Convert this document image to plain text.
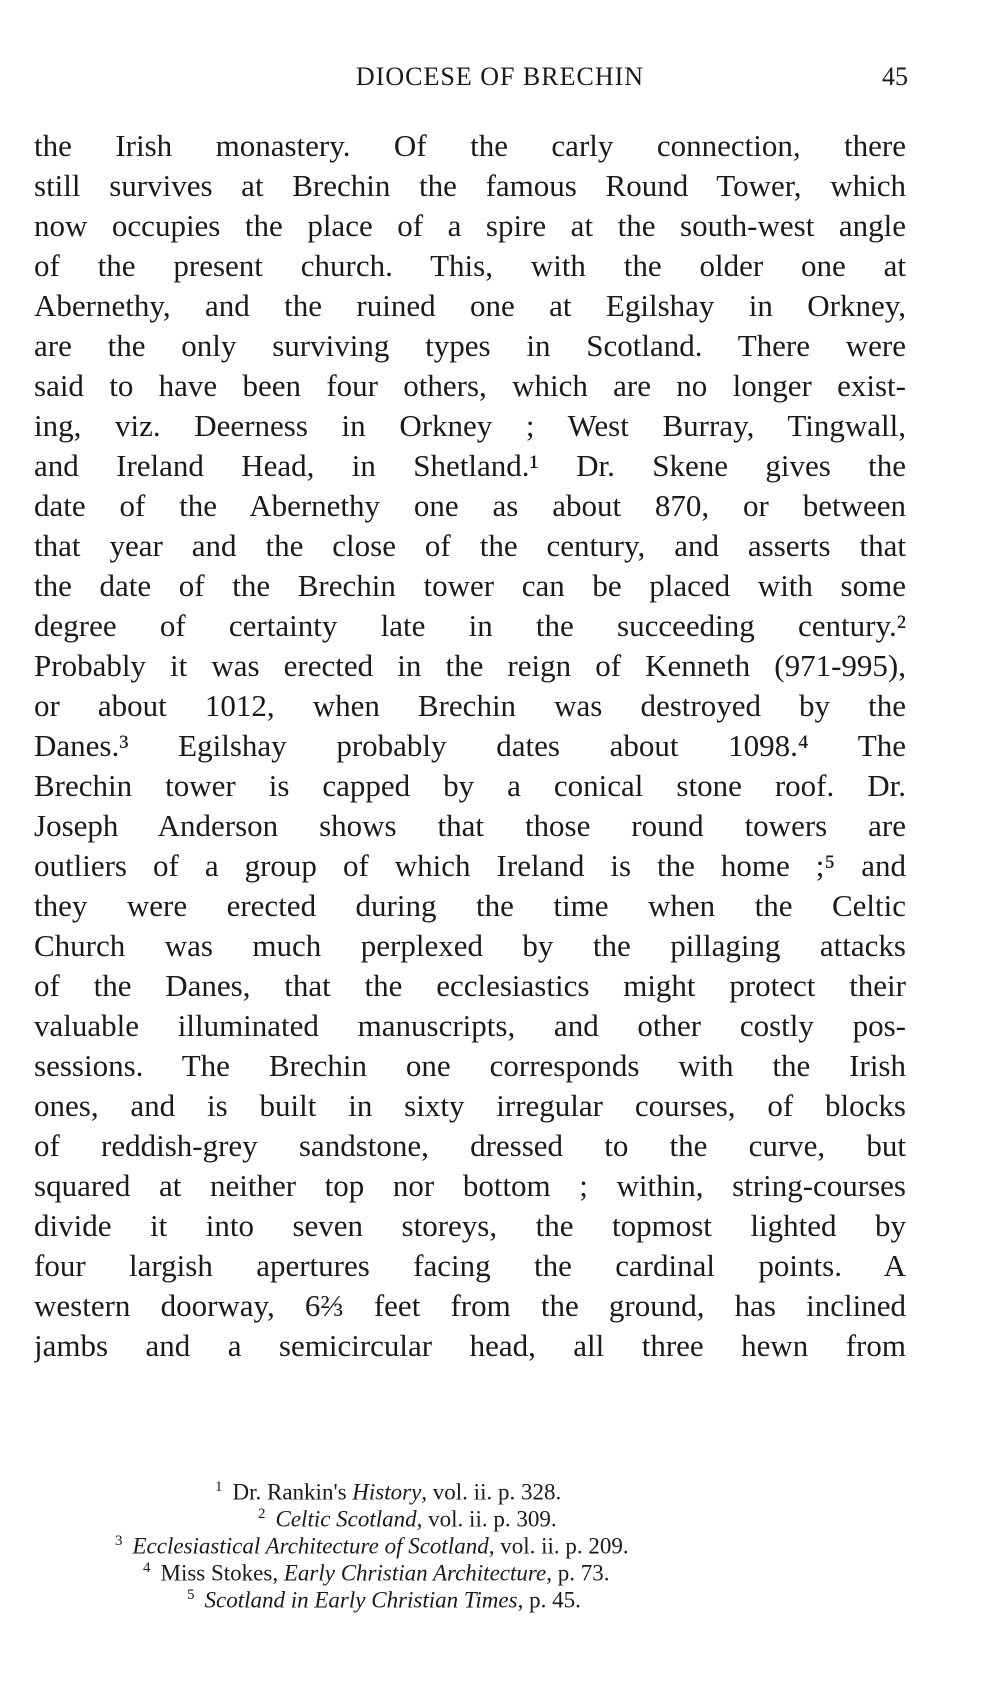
DIOCESE OF BRECHIN	45
the Irish monastery. Of the carly connection, there
still survives at Brechin the famous Round Tower, which
now occupies the place of a spire at the south-west angle
of the present church. This, with the older one at
Abernethy, and the ruined one at Egilshay in Orkney,
are the only surviving types in Scotland. There were
said to have been four others, which are no longer exist-
ing, viz. Deerness in Orkney ; West Burray, Tingwall,
and Ireland Head, in Shetland.¹ Dr. Skene gives the
date of the Abernethy one as about 870, or between
that year and the close of the century, and asserts that
the date of the Brechin tower can be placed with some
degree of certainty late in the succeeding century.²
Probably it was erected in the reign of Kenneth (971-995),
or about 1012, when Brechin was destroyed by the
Danes.³ Egilshay probably dates about 1098.⁴ The
Brechin tower is capped by a conical stone roof. Dr.
Joseph Anderson shows that those round towers are
outliers of a group of which Ireland is the home ;⁵ and
they were erected during the time when the Celtic
Church was much perplexed by the pillaging attacks
of the Danes, that the ecclesiastics might protect their
valuable illuminated manuscripts, and other costly pos-
sessions. The Brechin one corresponds with the Irish
ones, and is built in sixty irregular courses, of blocks
of reddish-grey sandstone, dressed to the curve, but
squared at neither top nor bottom ; within, string-courses
divide it into seven storeys, the topmost lighted by
four largish apertures facing the cardinal points. A
western doorway, 6⅔ feet from the ground, has inclined
jambs and a semicircular head, all three hewn from
$^1$ Dr. Rankin's History, vol. ii. p. 328.
$^2$ Celtic Scotland, vol. ii. p. 309.
$^3$ Ecclesiastical Architecture of Scotland, vol. ii. p. 209.
$^4$ Miss Stokes, Early Christian Architecture, p. 73.
$^5$ Scotland in Early Christian Times, p. 45.
